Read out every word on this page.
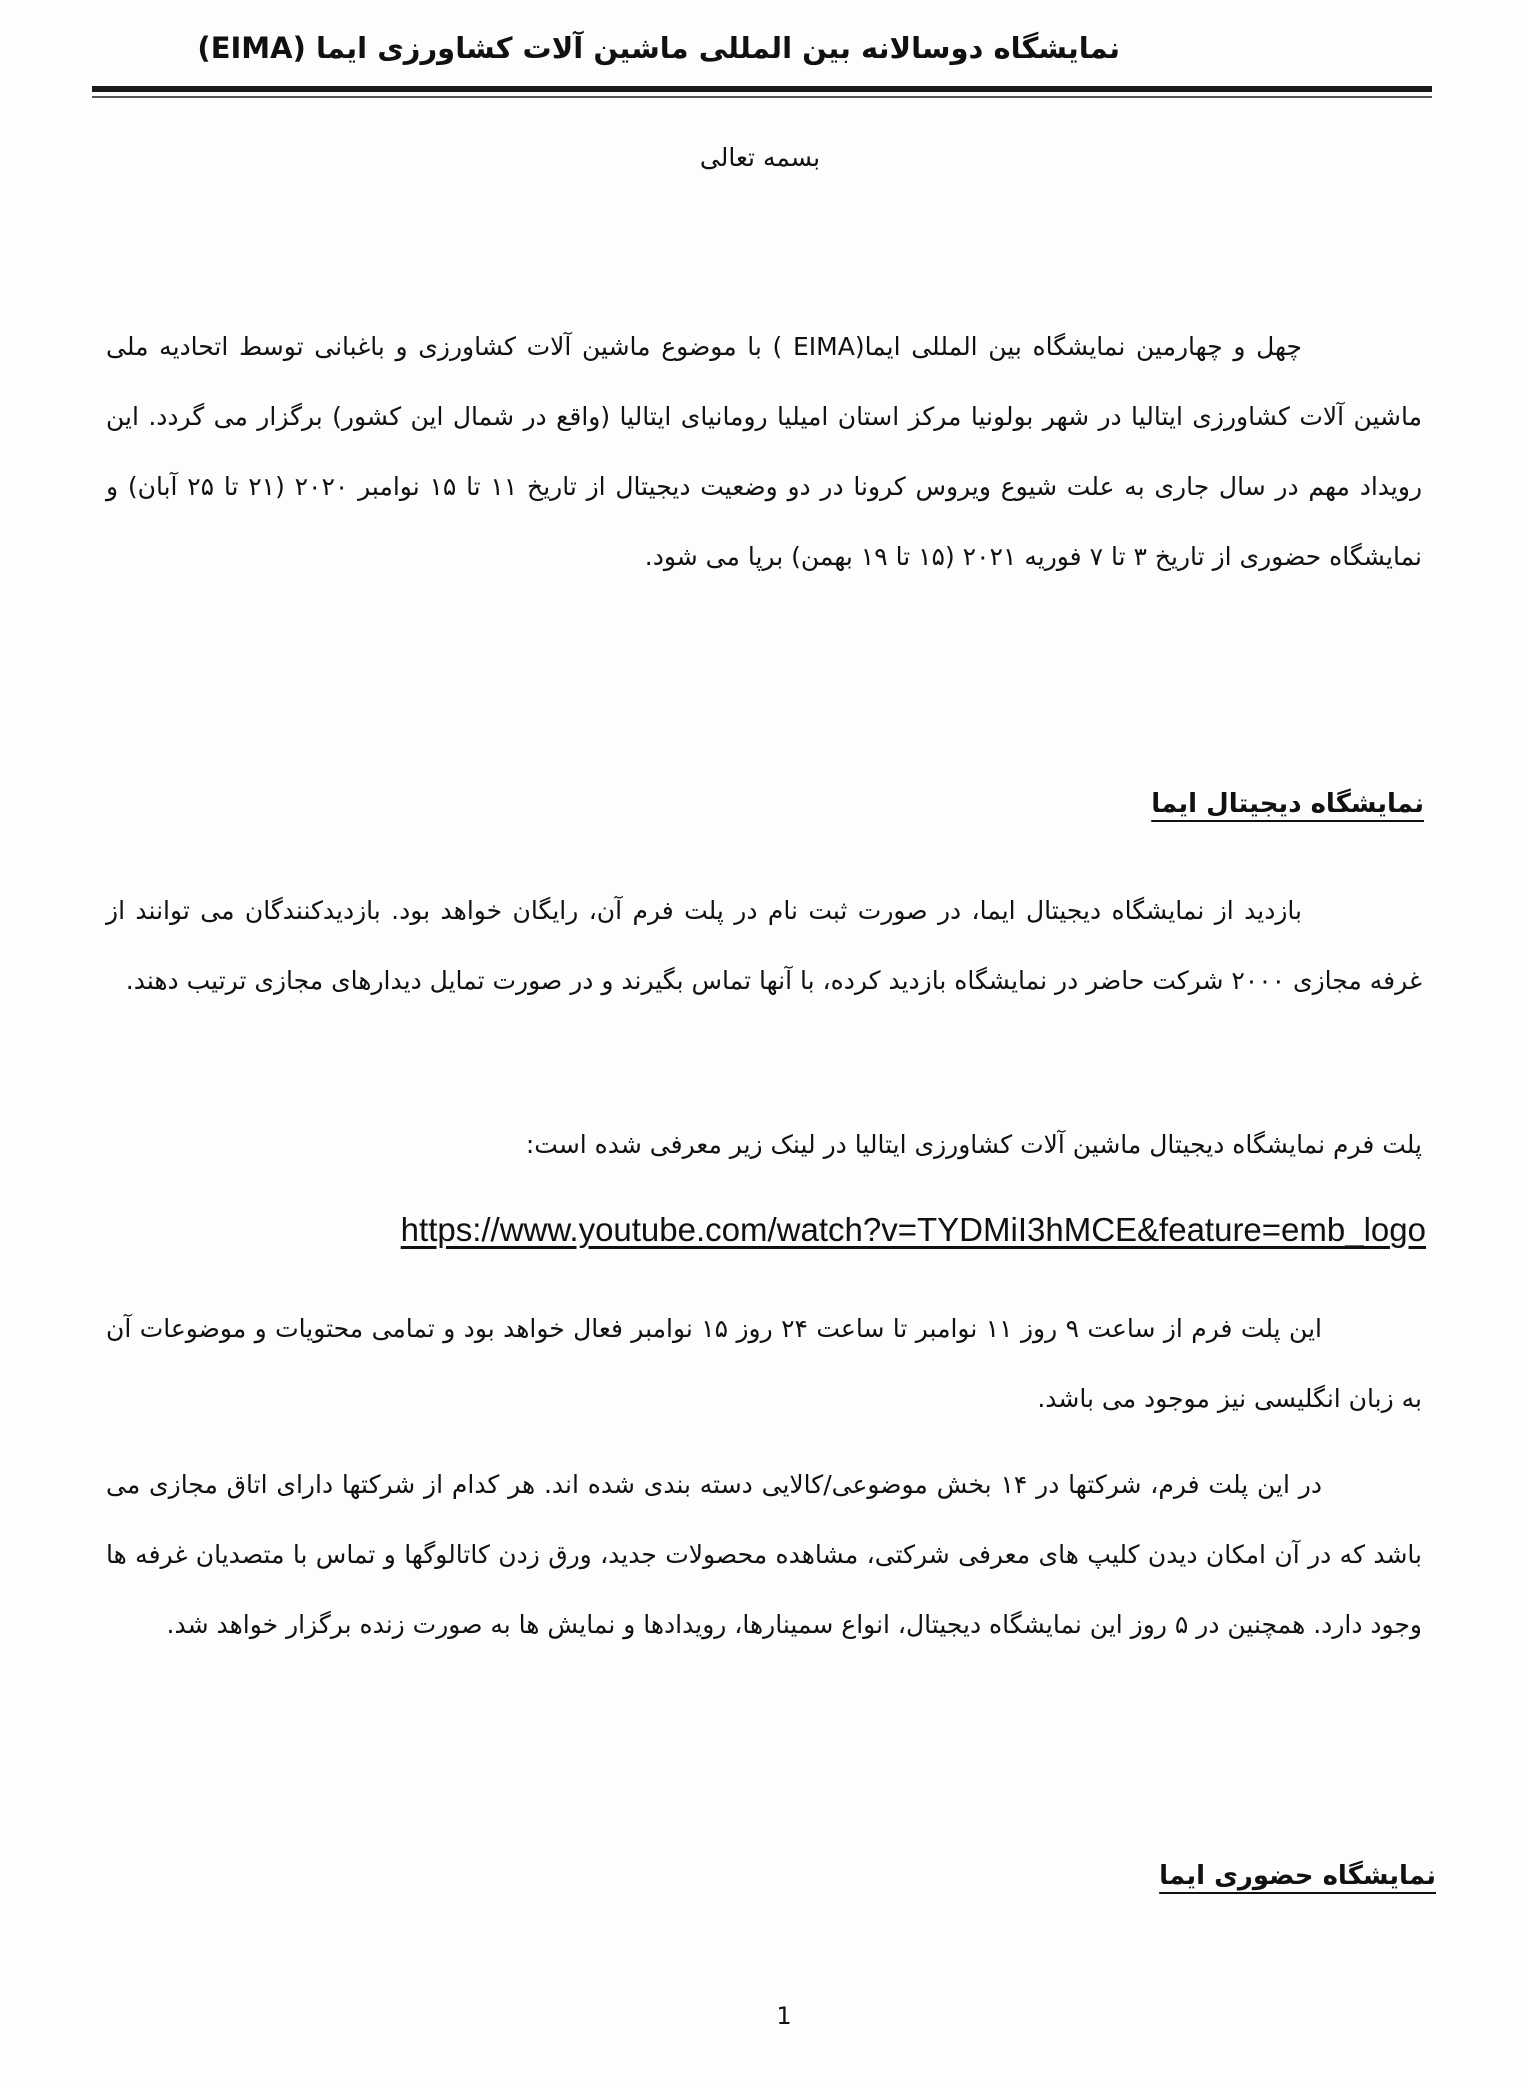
نمایشگاه دوسالانه بین المللی ماشین آلات کشاورزی ایما (EIMA)
بسمه تعالی

چهل و چهارمین نمایشگاه بین المللی ایما(EIMA ) با موضوع ماشین آلات کشاورزی و باغبانی توسط اتحادیه ملی ماشین آلات کشاورزی ایتالیا در شهر بولونیا مرکز استان امیلیا رومانیای ایتالیا (واقع در شمال این کشور) برگزار می گردد. این رویداد مهم در سال جاری به علت شیوع ویروس کرونا در دو وضعیت دیجیتال از تاریخ ۱۱ تا ۱۵ نوامبر ۲۰۲۰ (۲۱ تا ۲۵ آبان) و نمایشگاه حضوری از تاریخ ۳ تا ۷ فوریه ۲۰۲۱ (۱۵ تا ۱۹ بهمن) برپا می شود.

نمایشگاه دیجیتال ایما

بازدید از نمایشگاه دیجیتال ایما، در صورت ثبت نام در پلت فرم آن، رایگان خواهد بود. بازدیدکنندگان می توانند از غرفه مجازی ۲۰۰۰ شرکت حاضر در نمایشگاه بازدید کرده، با آنها تماس بگیرند و در صورت تمایل دیدارهای مجازی ترتیب دهند.

پلت فرم نمایشگاه دیجیتال ماشین آلات کشاورزی ایتالیا در لینک زیر معرفی شده است:

https://www.youtube.com/watch?v=TYDMiI3hMCE&feature=emb_logo

این پلت فرم از ساعت ۹ روز ۱۱ نوامبر تا ساعت ۲۴ روز ۱۵ نوامبر فعال خواهد بود و تمامی محتویات و موضوعات آن به زبان انگلیسی نیز موجود می باشد.

در این پلت فرم، شرکتها در ۱۴ بخش موضوعی/کالایی دسته بندی شده اند. هر کدام از شرکتها دارای اتاق مجازی می باشد که در آن امکان دیدن کلیپ های معرفی شرکتی، مشاهده محصولات جدید، ورق زدن کاتالوگها و تماس با متصدیان غرفه ها وجود دارد. همچنین در ۵ روز این نمایشگاه دیجیتال، انواع سمینارها، رویدادها و نمایش ها به صورت زنده برگزار خواهد شد.

نمایشگاه حضوری ایما
1
